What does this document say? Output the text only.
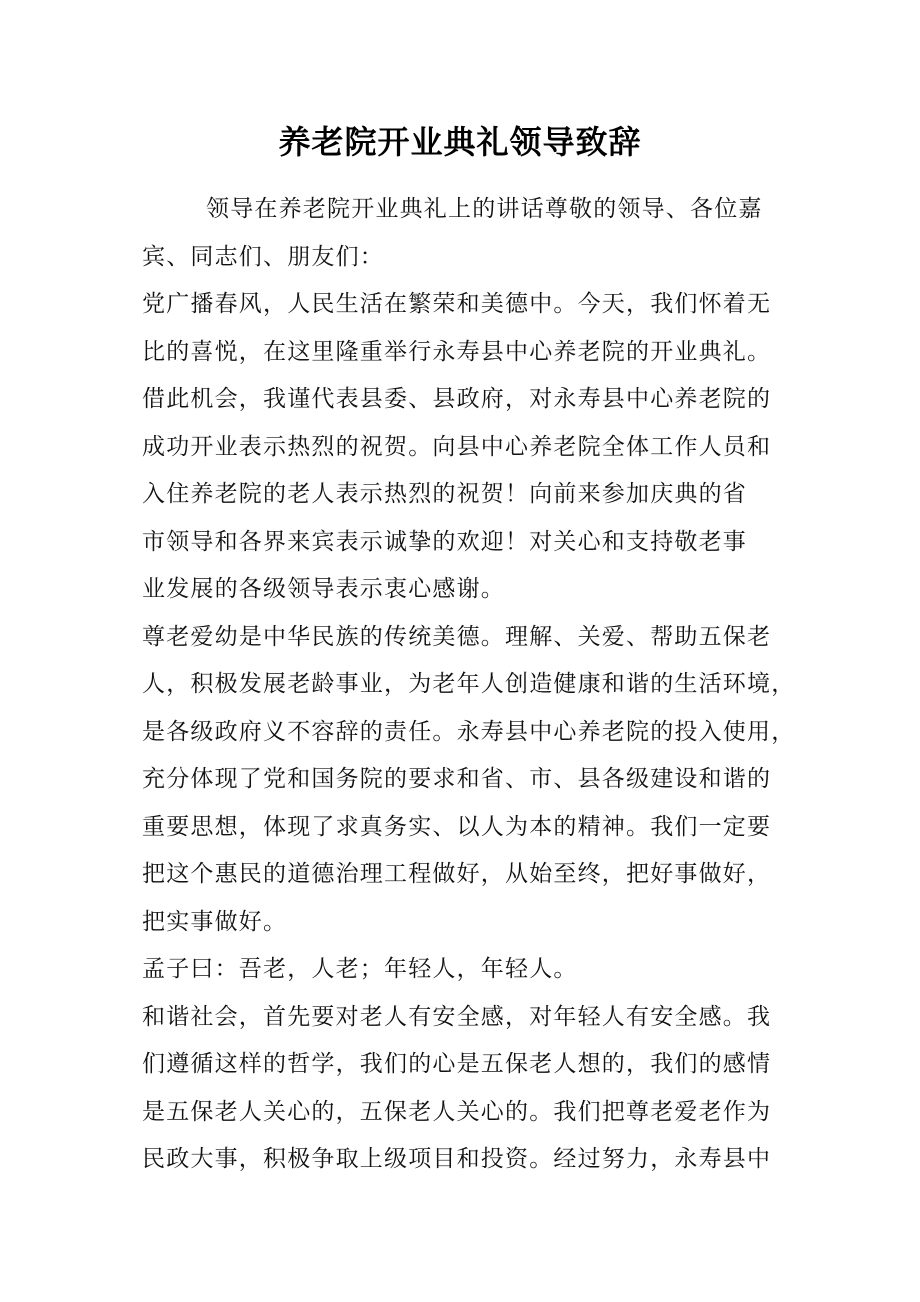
养老院开业典礼领导致辞
领导在养老院开业典礼上的讲话尊敬的领导、各位嘉
宾、同志们、朋友们：
党广播春风，人民生活在繁荣和美德中。今天，我们怀着无
比的喜悦，在这里隆重举行永寿县中心养老院的开业典礼。
借此机会，我谨代表县委、县政府，对永寿县中心养老院的
成功开业表示热烈的祝贺。向县中心养老院全体工作人员和
入住养老院的老人表示热烈的祝贺！向前来参加庆典的省
市领导和各界来宾表示诚挚的欢迎！对关心和支持敬老事
业发展的各级领导表示衷心感谢。
尊老爱幼是中华民族的传统美德。理解、关爱、帮助五保老
人，积极发展老龄事业，为老年人创造健康和谐的生活环境，
是各级政府义不容辞的责任。永寿县中心养老院的投入使用，
充分体现了党和国务院的要求和省、市、县各级建设和谐的
重要思想，体现了求真务实、以人为本的精神。我们一定要
把这个惠民的道德治理工程做好，从始至终，把好事做好，
把实事做好。
孟子曰：吾老，人老；年轻人，年轻人。
和谐社会，首先要对老人有安全感，对年轻人有安全感。我
们遵循这样的哲学，我们的心是五保老人想的，我们的感情
是五保老人关心的，五保老人关心的。我们把尊老爱老作为
民政大事，积极争取上级项目和投资。经过努力，永寿县中
